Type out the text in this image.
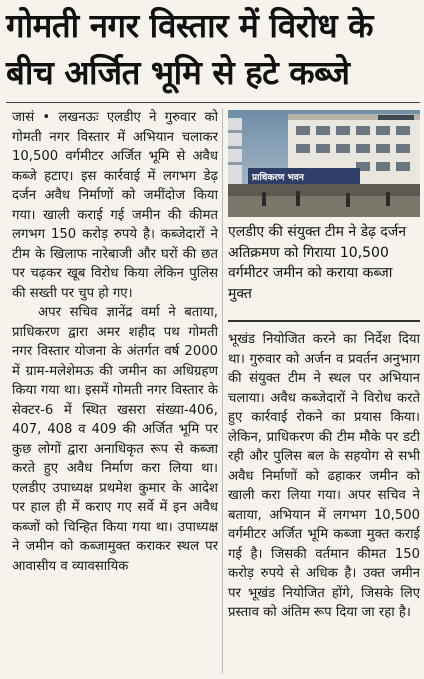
गोमती नगर विस्तार में विरोध के बीच अर्जित भूमि से हटे कब्जे

जासं • लखनऊः एलडीए ने गुरुवार को गोमती नगर विस्तार में अभियान चलाकर 10,500 वर्गमीटर अर्जित भूमि से अवैध कब्जे हटाए। इस कार्रवाई में लगभग डेढ़ दर्जन अवैध निर्माणों को जमींदोज किया गया। खाली कराई गई जमीन की कीमत लगभग 150 करोड़ रुपये है। कब्जेदारों ने टीम के खिलाफ नारेबाजी और घरों की छत पर चढ़कर खूब विरोध किया लेकिन पुलिस की सख्ती पर चुप हो गए।

अपर सचिव ज्ञानेंद्र वर्मा ने बताया, प्राधिकरण द्वारा अमर शहीद पथ गोमती नगर विस्तार योजना के अंतर्गत वर्ष 2000 में ग्राम-मलेशेमऊ की जमीन का अधिग्रहण किया गया था। इसमें गोमती नगर विस्तार के सेक्टर-6 में स्थित खसरा संख्या-406, 407, 408 व 409 की अर्जित भूमि पर कुछ लोगों द्वारा अनाधिकृत रूप से कब्जा करते हुए अवैध निर्माण करा लिया था। एलडीए उपाध्यक्ष प्रथमेश कुमार के आदेश पर हाल ही में कराए गए सर्वे में इन अवैध कब्जों को चिन्हित किया गया था। उपाध्यक्ष ने जमीन को कब्जामुक्त कराकर स्थल पर आवासीय व व्यावसायिक

प्राधिकरण भवन
एलडीए की संयुक्त टीम ने डेढ़ दर्जन अतिक्रमण को गिराया 10,500 वर्गमीटर जमीन को कराया कब्जा मुक्त

भूखंड नियोजित करने का निर्देश दिया था। गुरुवार को अर्जन व प्रवर्तन अनुभाग की संयुक्त टीम ने स्थल पर अभियान चलाया। अवैध कब्जेदारों ने विरोध करते हुए कार्रवाई रोकने का प्रयास किया। लेकिन, प्राधिकरण की टीम मौके पर डटी रही और पुलिस बल के सहयोग से सभी अवैध निर्माणों को ढहाकर जमीन को खाली करा लिया गया। अपर सचिव ने बताया, अभियान में लगभग 10,500 वर्गमीटर अर्जित भूमि कब्जा मुक्त कराई गई है। जिसकी वर्तमान कीमत 150 करोड़ रुपये से अधिक है। उक्त जमीन पर भूखंड नियोजित होंगे, जिसके लिए प्रस्ताव को अंतिम रूप दिया जा रहा है।
